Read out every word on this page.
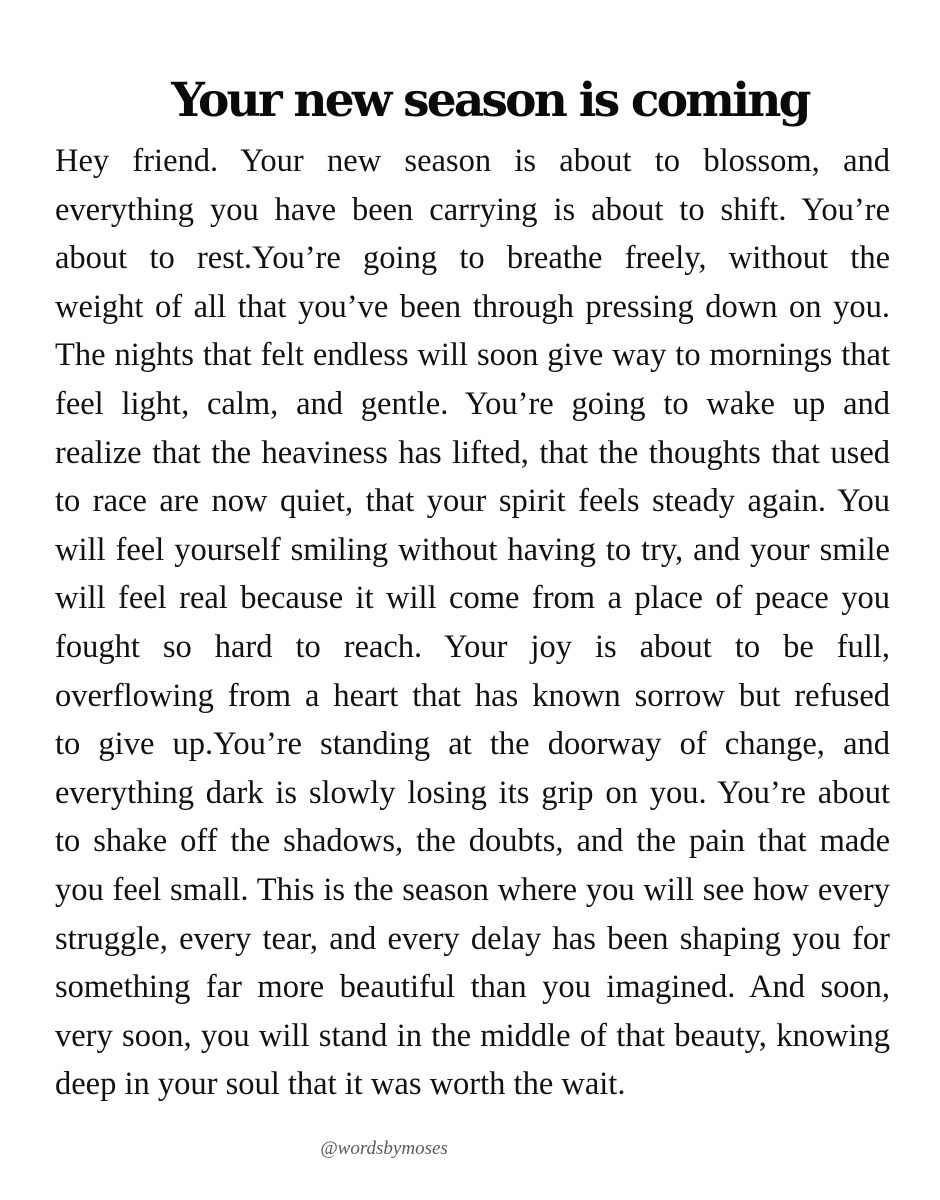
Your new season is coming
Hey friend. Your new season is about to blossom, and
everything you have been carrying is about to shift. You’re
about to rest.You’re going to breathe freely, without the
weight of all that you’ve been through pressing down on you.
The nights that felt endless will soon give way to mornings that
feel light, calm, and gentle. You’re going to wake up and
realize that the heaviness has lifted, that the thoughts that used
to race are now quiet, that your spirit feels steady again. You
will feel yourself smiling without having to try, and your smile
will feel real because it will come from a place of peace you
fought so hard to reach. Your joy is about to be full,
overflowing from a heart that has known sorrow but refused
to give up.You’re standing at the doorway of change, and
everything dark is slowly losing its grip on you. You’re about
to shake off the shadows, the doubts, and the pain that made
you feel small. This is the season where you will see how every
struggle, every tear, and every delay has been shaping you for
something far more beautiful than you imagined. And soon,
very soon, you will stand in the middle of that beauty, knowing
deep in your soul that it was worth the wait.

@wordsbymoses
